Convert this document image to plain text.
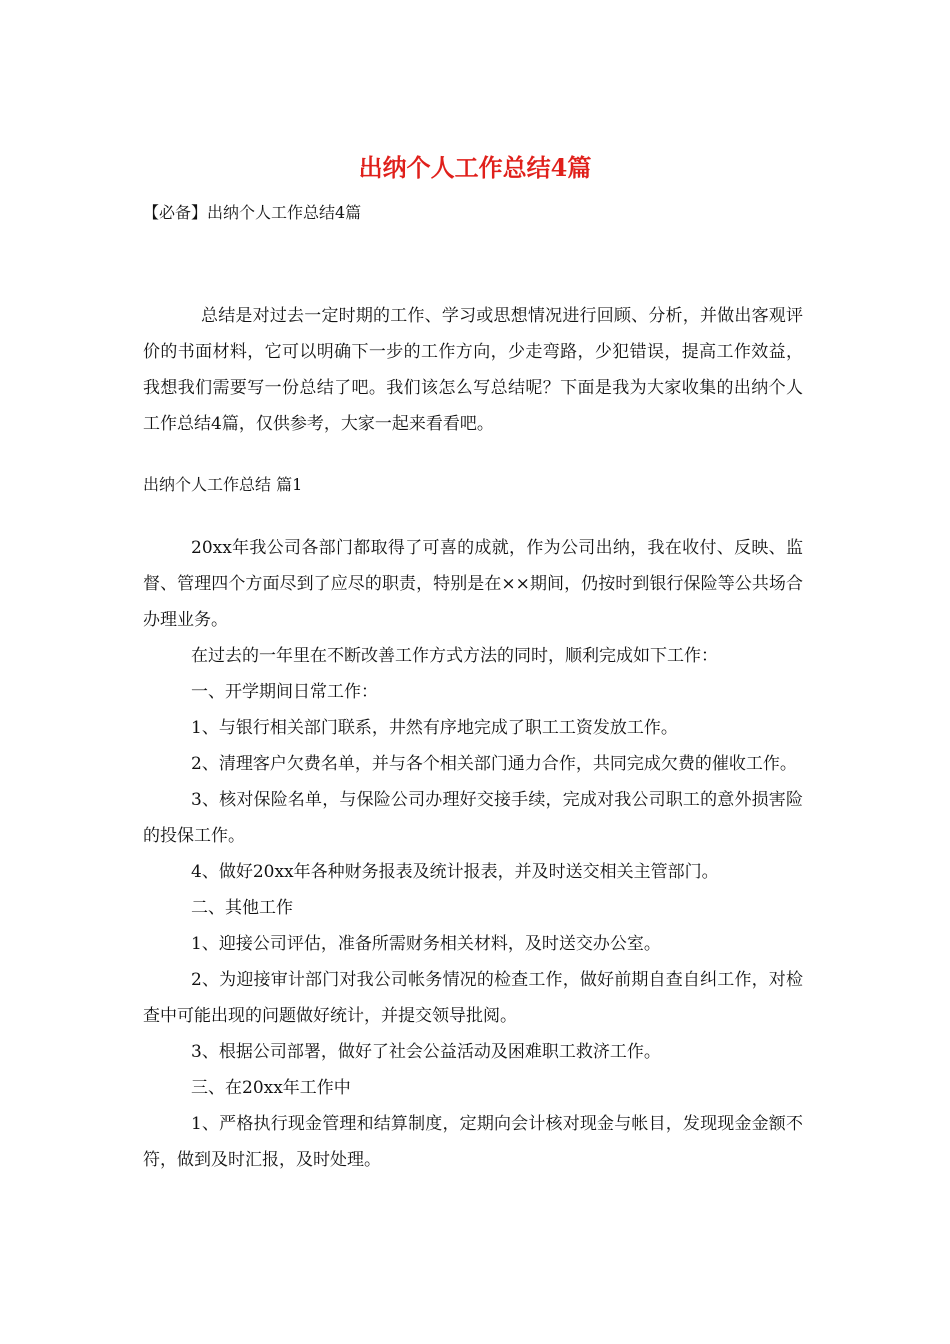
出纳个人工作总结4篇
【必备】出纳个人工作总结4篇

总结是对过去一定时期的工作、学习或思想情况进行回顾、分析，并做出客观评价的书面材料，它可以明确下一步的工作方向，少走弯路，少犯错误，提高工作效益，我想我们需要写一份总结了吧。我们该怎么写总结呢？下面是我为大家收集的出纳个人工作总结4篇，仅供参考，大家一起来看看吧。

出纳个人工作总结 篇1

20xx年我公司各部门都取得了可喜的成就，作为公司出纳，我在收付、反映、监督、管理四个方面尽到了应尽的职责，特别是在××期间，仍按时到银行保险等公共场合办理业务。

在过去的一年里在不断改善工作方式方法的同时，顺利完成如下工作：

一、开学期间日常工作：

1、与银行相关部门联系，井然有序地完成了职工工资发放工作。

2、清理客户欠费名单，并与各个相关部门通力合作，共同完成欠费的催收工作。

3、核对保险名单，与保险公司办理好交接手续，完成对我公司职工的意外损害险的投保工作。

4、做好20xx年各种财务报表及统计报表，并及时送交相关主管部门。

二、其他工作

1、迎接公司评估，准备所需财务相关材料，及时送交办公室。

2、为迎接审计部门对我公司帐务情况的检查工作，做好前期自查自纠工作，对检查中可能出现的问题做好统计，并提交领导批阅。

3、根据公司部署，做好了社会公益活动及困难职工救济工作。

三、在20xx年工作中

1、严格执行现金管理和结算制度，定期向会计核对现金与帐目，发现现金金额不符，做到及时汇报，及时处理。
